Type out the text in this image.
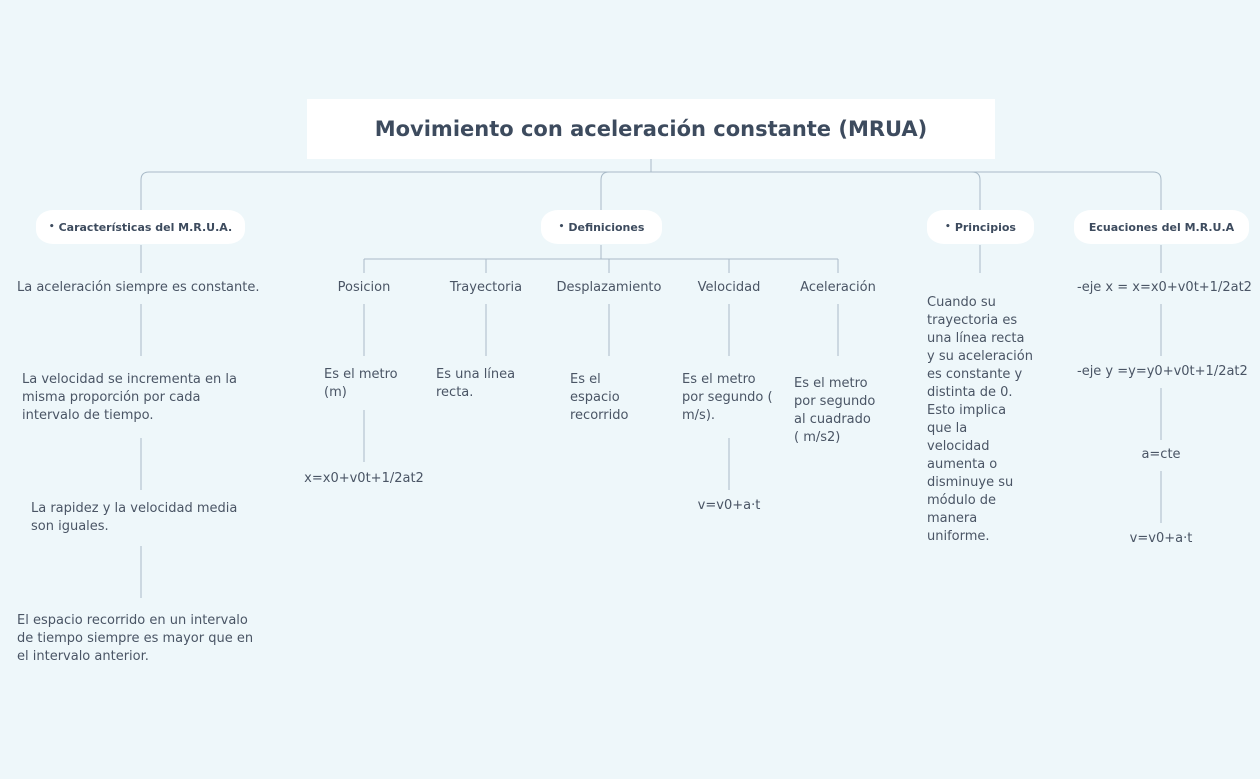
Movimiento con aceleración constante (MRUA)
• Características del M.R.U.A.	• Definiciones	• Principios	Ecuaciones del M.R.U.A
La aceleración siempre es constante.
La velocidad se incrementa en la misma proporción por cada intervalo de tiempo.
La rapidez y la velocidad media son iguales.
El espacio recorrido en un intervalo de tiempo siempre es mayor que en el intervalo anterior.
Posicion
Es el metro (m)
x=x0+v0t+1/2at2
Trayectoria
Es una línea recta.
Desplazamiento
Es el espacio recorrido
Velocidad
Es el metro por segundo ( m/s).
v=v0+a·t
Aceleración
Es el metro por segundo al cuadrado ( m/s2)
Cuando su trayectoria es una línea recta y su aceleración es constante y distinta de 0. Esto implica que la velocidad aumenta o disminuye su módulo de manera uniforme.
-eje x = x=x0+v0t+1/2at2
-eje y =y=y0+v0t+1/2at2
a=cte
v=v0+a·t
